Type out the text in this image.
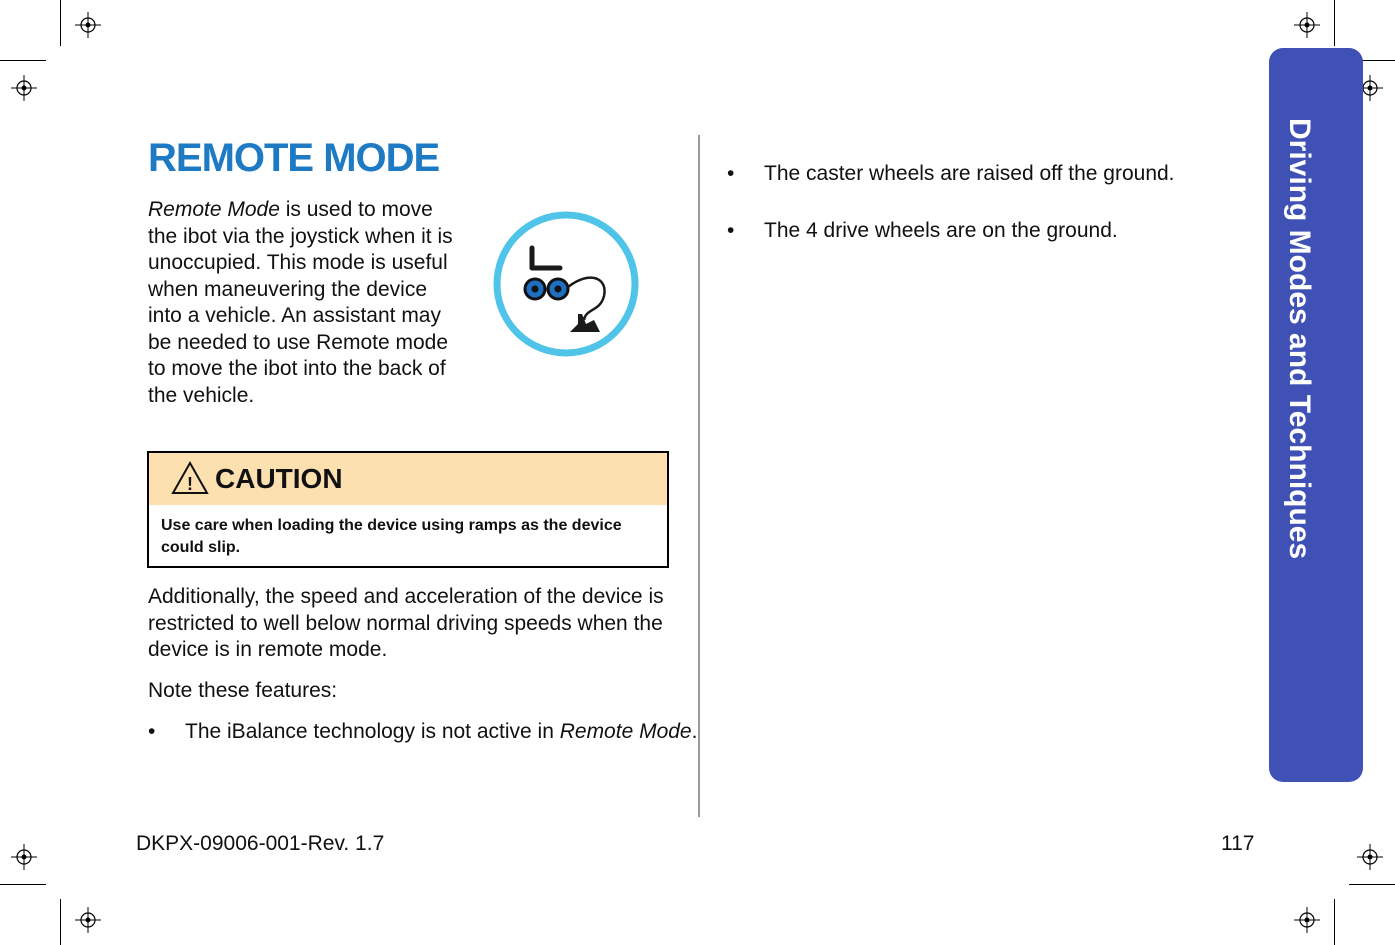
Driving Modes and Techniques
REMOTE MODE
Remote Mode is used to move the ibot via the joystick when it is unoccupied. This mode is useful when maneuvering the device into a vehicle. An assistant may be needed to use Remote mode to move the ibot into the back of the vehicle.
! CAUTION
Use care when loading the device using ramps as the device could slip.

Additionally, the speed and acceleration of the device is restricted to well below normal driving speeds when the device is in remote mode.

Note these features:

• The iBalance technology is not active in Remote Mode.
• The caster wheels are raised off the ground.
• The 4 drive wheels are on the ground.
DKPX-09006-001-Rev. 1.7	117
